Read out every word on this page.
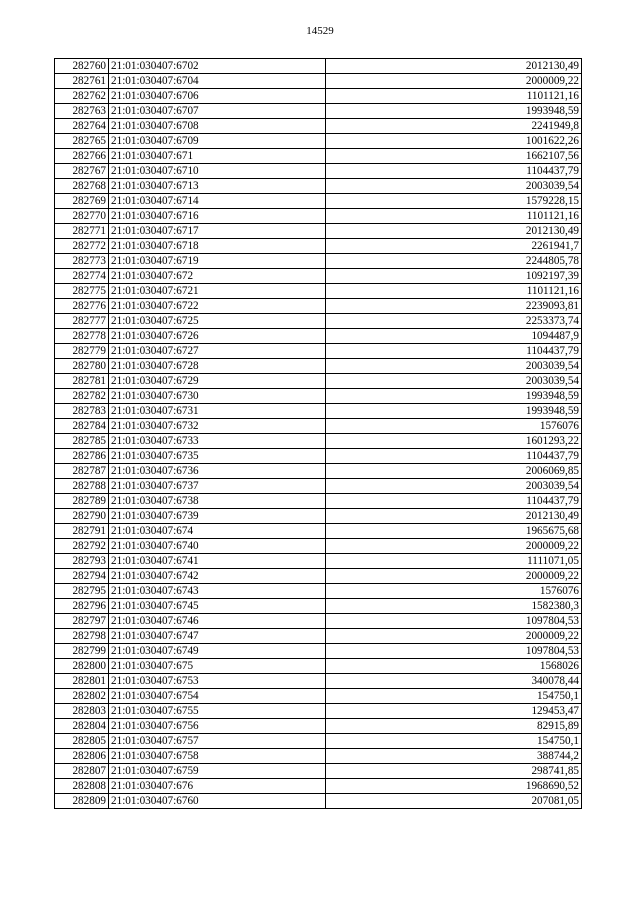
14529
282760	21:01:030407:6702	2012130,49
282761	21:01:030407:6704	2000009,22
282762	21:01:030407:6706	1101121,16
282763	21:01:030407:6707	1993948,59
282764	21:01:030407:6708	2241949,8
282765	21:01:030407:6709	1001622,26
282766	21:01:030407:671	1662107,56
282767	21:01:030407:6710	1104437,79
282768	21:01:030407:6713	2003039,54
282769	21:01:030407:6714	1579228,15
282770	21:01:030407:6716	1101121,16
282771	21:01:030407:6717	2012130,49
282772	21:01:030407:6718	2261941,7
282773	21:01:030407:6719	2244805,78
282774	21:01:030407:672	1092197,39
282775	21:01:030407:6721	1101121,16
282776	21:01:030407:6722	2239093,81
282777	21:01:030407:6725	2253373,74
282778	21:01:030407:6726	1094487,9
282779	21:01:030407:6727	1104437,79
282780	21:01:030407:6728	2003039,54
282781	21:01:030407:6729	2003039,54
282782	21:01:030407:6730	1993948,59
282783	21:01:030407:6731	1993948,59
282784	21:01:030407:6732	1576076
282785	21:01:030407:6733	1601293,22
282786	21:01:030407:6735	1104437,79
282787	21:01:030407:6736	2006069,85
282788	21:01:030407:6737	2003039,54
282789	21:01:030407:6738	1104437,79
282790	21:01:030407:6739	2012130,49
282791	21:01:030407:674	1965675,68
282792	21:01:030407:6740	2000009,22
282793	21:01:030407:6741	1111071,05
282794	21:01:030407:6742	2000009,22
282795	21:01:030407:6743	1576076
282796	21:01:030407:6745	1582380,3
282797	21:01:030407:6746	1097804,53
282798	21:01:030407:6747	2000009,22
282799	21:01:030407:6749	1097804,53
282800	21:01:030407:675	1568026
282801	21:01:030407:6753	340078,44
282802	21:01:030407:6754	154750,1
282803	21:01:030407:6755	129453,47
282804	21:01:030407:6756	82915,89
282805	21:01:030407:6757	154750,1
282806	21:01:030407:6758	388744,2
282807	21:01:030407:6759	298741,85
282808	21:01:030407:676	1968690,52
282809	21:01:030407:6760	207081,05
